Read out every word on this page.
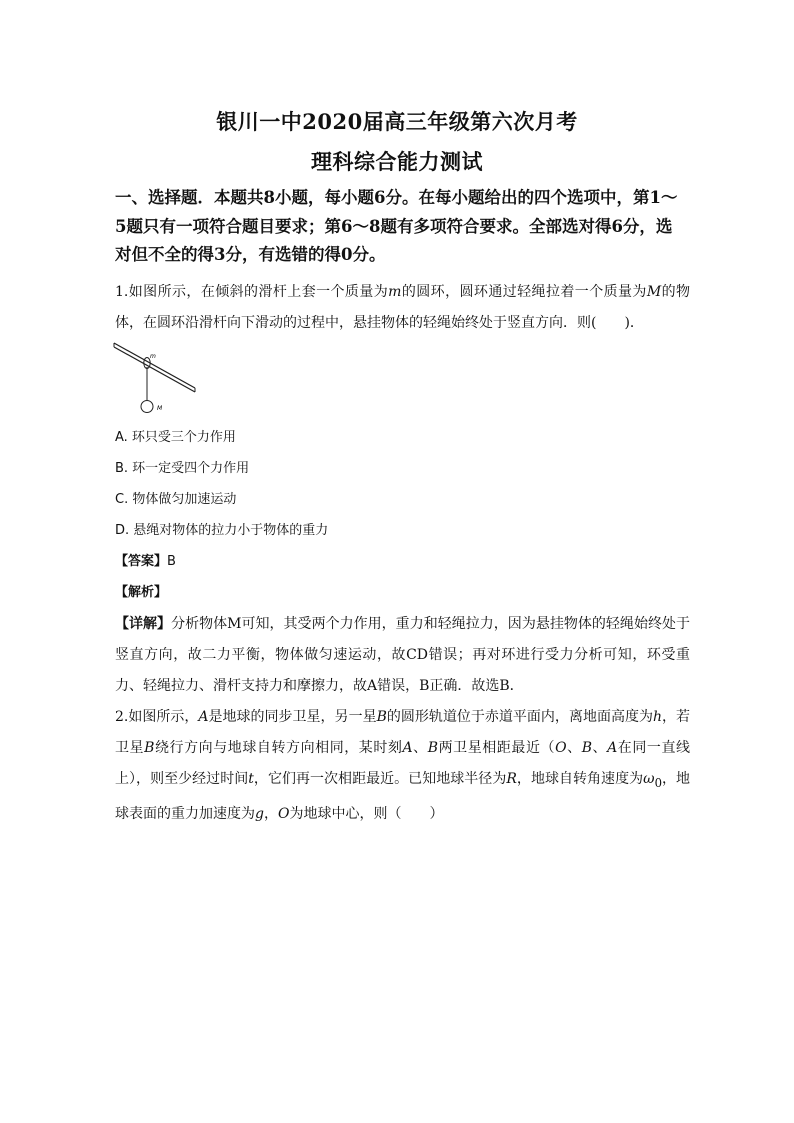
银川一中2020届高三年级第六次月考
理科综合能力测试
一、选择题．本题共8小题，每小题6分。在每小题给出的四个选项中，第1～5题只有一项符合题目要求；第6～8题有多项符合要求。全部选对得6分，选对但不全的得3分，有选错的得0分。
1.如图所示，在倾斜的滑杆上套一个质量为m的圆环，圆环通过轻绳拉着一个质量为M的物体，在圆环沿滑杆向下滑动的过程中，悬挂物体的轻绳始终处于竖直方向．则(　　)．
m
M
A. 环只受三个力作用
B. 环一定受四个力作用
C. 物体做匀加速运动
D. 悬绳对物体的拉力小于物体的重力
【答案】B
【解析】
【详解】分析物体M可知，其受两个力作用，重力和轻绳拉力，因为悬挂物体的轻绳始终处于竖直方向，故二力平衡，物体做匀速运动，故CD错误；再对环进行受力分析可知，环受重力、轻绳拉力、滑杆支持力和摩擦力，故A错误，B正确．故选B．
2.如图所示，A是地球的同步卫星，另一星B的圆形轨道位于赤道平面内，离地面高度为h，若卫星B绕行方向与地球自转方向相同，某时刻A、B两卫星相距最近（O、B、A在同一直线上），则至少经过时间t，它们再一次相距最近。已知地球半径为R，地球自转角速度为$\omega_0$，地球表面的重力加速度为g，O为地球中心，则（　　）
